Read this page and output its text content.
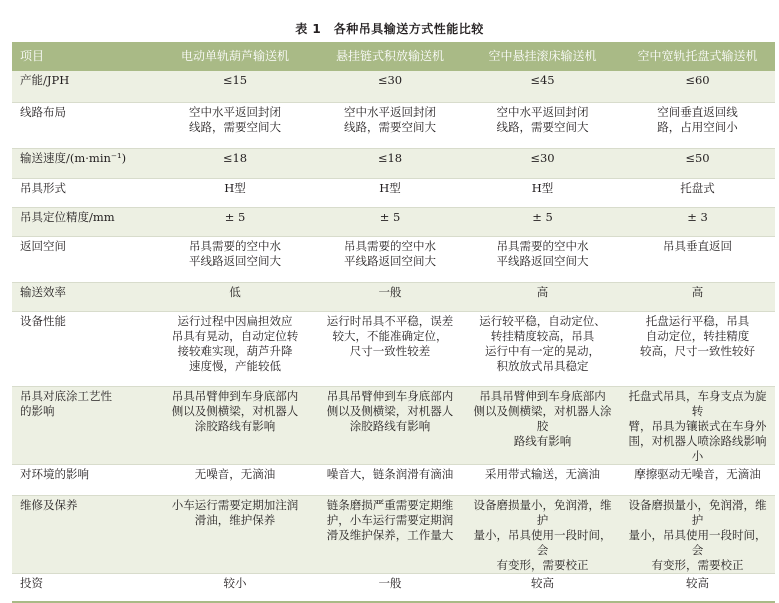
表 1　各种吊具输送方式性能比较
项目	电动单轨葫芦输送机	悬挂链式积放输送机	空中悬挂滚床输送机	空中宽轨托盘式输送机

产能/JPH	≤15	≤30	≤45	≤60

线路布局	空中水平返回封闭
线路，需要空间大	空中水平返回封闭
线路，需要空间大	空中水平返回封闭
线路，需要空间大	空间垂直返回线
路，占用空间小

输送速度/(m·min⁻¹)	≤18	≤18	≤30	≤50

吊具形式	H型	H型	H型	托盘式

吊具定位精度/mm	± 5	± 5	± 5	± 3

返回空间	吊具需要的空中水
平线路返回空间大	吊具需要的空中水
平线路返回空间大	吊具需要的空中水
平线路返回空间大	吊具垂直返回

输送效率	低	一般	高	高

设备性能	运行过程中因扁担效应
吊具有晃动，自动定位转
接较难实现，葫芦升降
速度慢，产能较低	运行时吊具不平稳，误差
较大，不能准确定位，
尺寸一致性较差	运行较平稳，自动定位、
转挂精度较高，吊具
运行中有一定的晃动，
积放放式吊具稳定	托盘运行平稳，吊具
自动定位，转挂精度
较高，尺寸一致性较好

吊具对底涂工艺性
的影响	吊具吊臂伸到车身底部内
侧以及侧横梁，对机器人
涂胶路线有影响	吊具吊臂伸到车身底部内
侧以及侧横梁，对机器人
涂胶路线有影响	吊具吊臂伸到车身底部内
侧以及侧横梁，对机器人涂胶
路线有影响	托盘式吊具，车身支点为旋转
臂，吊具为镶嵌式在车身外
围，对机器人喷涂路线影响小

对环境的影响	无噪音，无滴油	噪音大，链条润滑有滴油	采用带式输送，无滴油	摩擦驱动无噪音，无滴油

维修及保养	小车运行需要定期加注润
滑油，维护保养	链条磨损严重需要定期维
护，小车运行需要定期润
滑及维护保养，工作量大	设备磨损量小，免润滑，维护
量小，吊具使用一段时间，会
有变形，需要校正	设备磨损量小，免润滑，维护
量小，吊具使用一段时间，会
有变形，需要校正

投资	较小	一般	较高	较高
